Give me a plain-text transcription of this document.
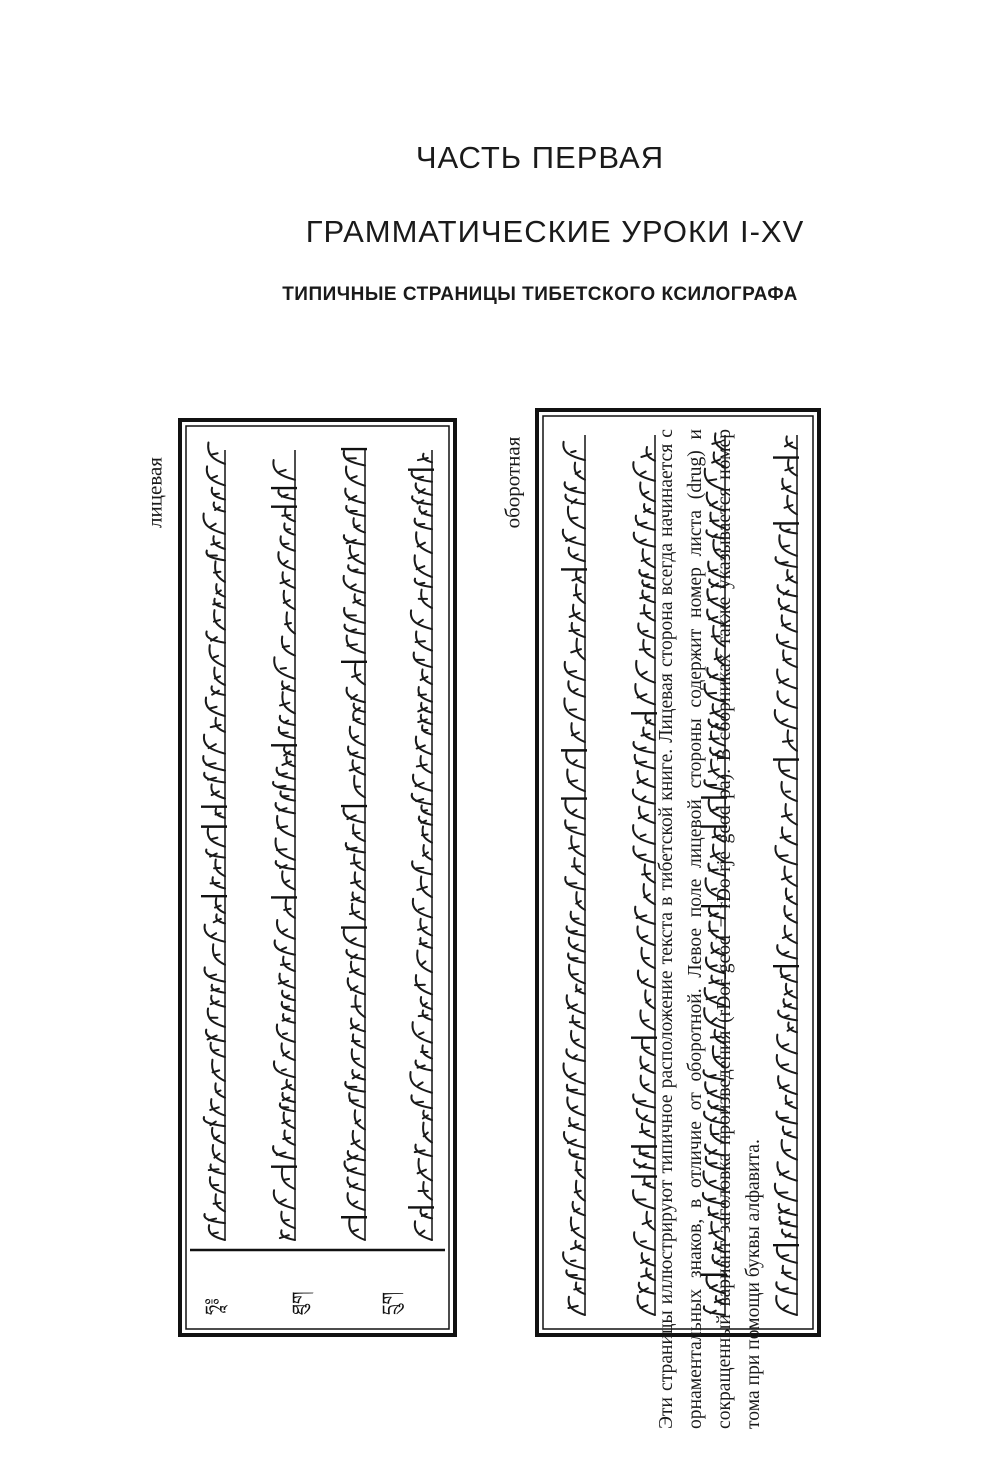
ЧАСТЬ ПЕРВАЯ
ГРАММАТИЧЕСКИЕ УРОКИ I-XV
ТИПИЧНЫЕ СТРАНИЦЫ ТИБЕТСКОГО КСИЛОГРАФА
лицевая	оборотная
ཧཱ༔	ཐུག	དྲུག	Эти страницы иллюстрируют типичное расположение текста в тибетской книге. Лицевая сторона всегда начинается с орнаментальных знаков, в отличие от оборотной. Левое поле лицевой стороны содержит номер листа (drug) и сокращенный вариант заголовка произведения (rDor-gcod = rDo-rje gcod-pa). В сборниках также указывается номер тома при помощи буквы алфавита.
